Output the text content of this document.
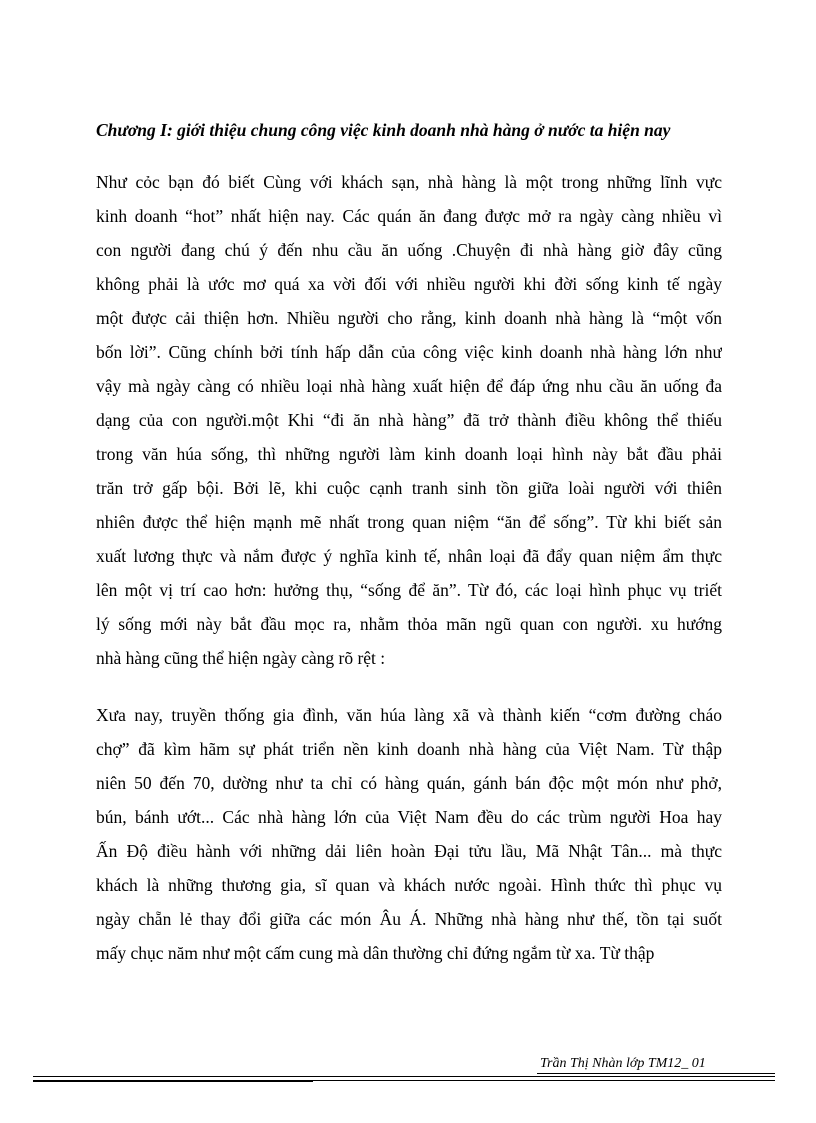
Chương I: giới thiệu chung công việc kinh doanh nhà hàng ở nước ta hiện nay
Như cỏc bạn đó biết Cùng với khách sạn, nhà hàng là một trong những lĩnh vực
kinh doanh “hot” nhất hiện nay. Các quán ăn đang được mở ra ngày càng nhiều vì
con người đang chú ý đến nhu cầu ăn uống .Chuyện đi nhà hàng giờ đây cũng
không phải là ước mơ quá xa vời đối với nhiều người khi đời sống kinh tế ngày
một được cải thiện hơn. Nhiều người cho rằng, kinh doanh nhà hàng là “một vốn
bốn lời”. Cũng chính bởi tính hấp dẫn của công việc kinh doanh nhà hàng lớn như
vậy mà ngày càng có nhiều loại nhà hàng xuất hiện để đáp ứng nhu cầu ăn uống đa
dạng của con người.một Khi “đi ăn nhà hàng” đã trở thành điều không thể thiếu
trong văn húa sống, thì những người làm kinh doanh loại hình này bắt đầu phải
trăn trở gấp bội. Bởi lẽ, khi cuộc cạnh tranh sinh tồn giữa loài người với thiên
nhiên được thể hiện mạnh mẽ nhất trong quan niệm “ăn để sống”. Từ khi biết sản
xuất lương thực và nắm được ý nghĩa kinh tế, nhân loại đã đẩy quan niệm ẩm thực
lên một vị trí cao hơn: hưởng thụ, “sống để ăn”. Từ đó, các loại hình phục vụ triết
lý sống mới này bắt đầu mọc ra, nhằm thỏa mãn ngũ quan con người. xu hướng
nhà hàng cũng thể hiện ngày càng rõ rệt :
Xưa nay, truyền thống gia đình, văn húa làng xã và thành kiến “cơm đường cháo
chợ” đã kìm hãm sự phát triển nền kinh doanh nhà hàng của Việt Nam. Từ thập
niên 50 đến 70, dường như ta chỉ có hàng quán, gánh bán độc một món như phở,
bún, bánh ướt... Các nhà hàng lớn của Việt Nam đều do các trùm người Hoa hay
Ấn Độ điều hành với những dải liên hoàn Đại tửu lầu, Mã Nhật Tân... mà thực
khách là những thương gia, sĩ quan và khách nước ngoài. Hình thức thì phục vụ
ngày chẵn lẻ thay đổi giữa các món Âu Á. Những nhà hàng như thế, tồn tại suốt
mấy chục năm như một cấm cung mà dân thường chỉ đứng ngắm từ xa. Từ thập
Trần Thị Nhàn lớp TM12_ 01
